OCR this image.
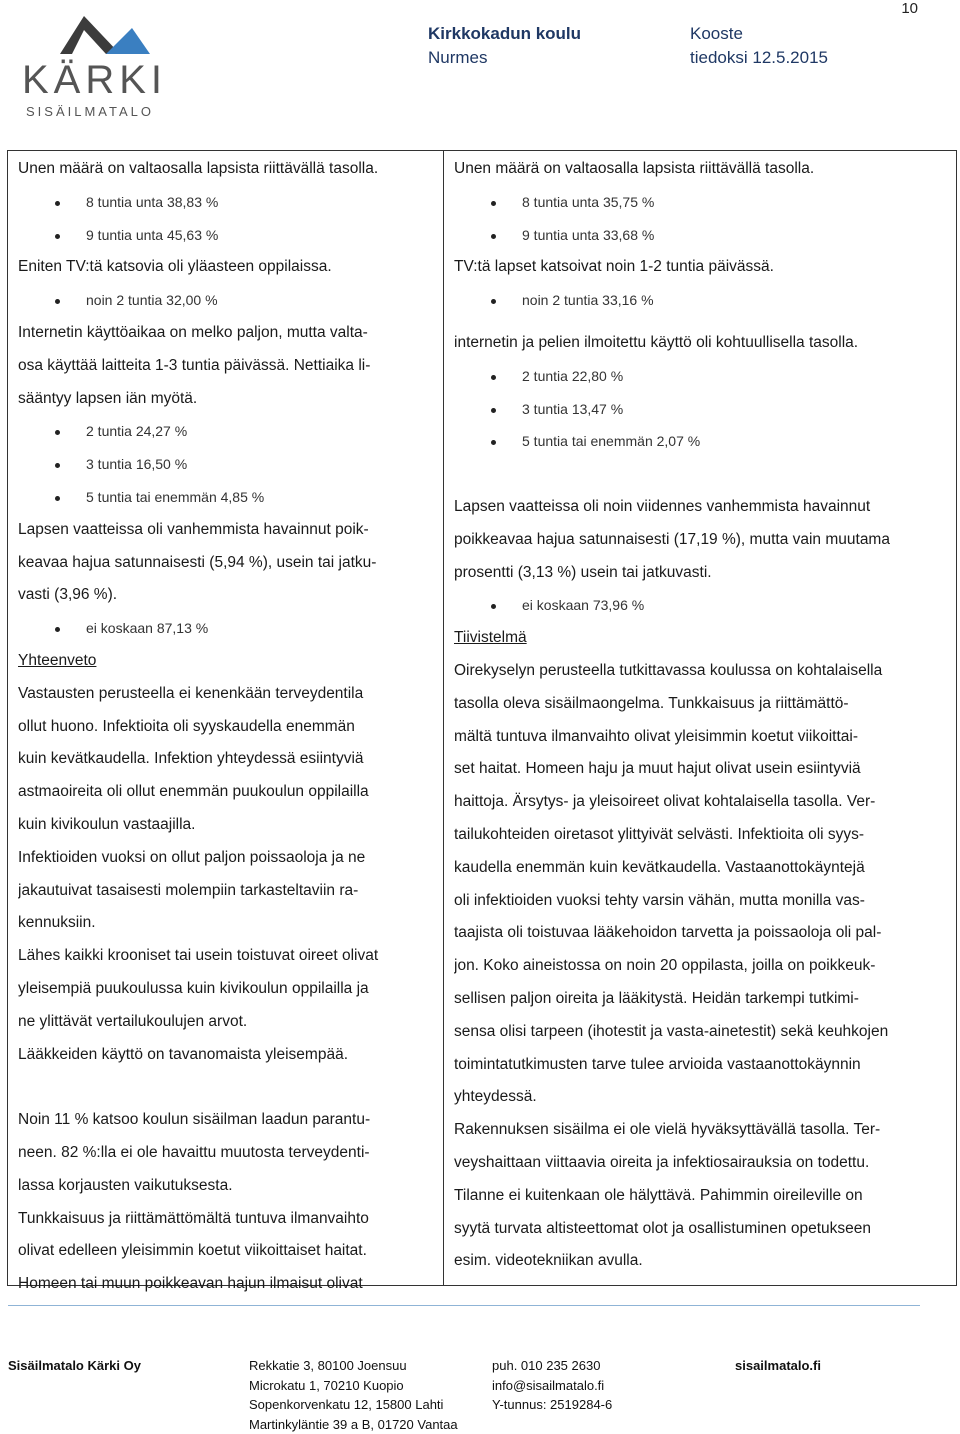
10
KÄRKI
SISÄILMATALO
Kirkkokadun koulu
Nurmes
Kooste
tiedoksi 12.5.2015
Unen määrä on valtaosalla lapsista riittävällä tasolla.
8 tuntia unta 38,83 %
9 tuntia unta 45,63 %
Eniten TV:tä katsovia oli yläasteen oppilaissa.
noin 2 tuntia 32,00 %
Internetin käyttöaikaa on melko paljon, mutta valta-
osa käyttää laitteita 1-3 tuntia päivässä. Nettiaika li-
sääntyy lapsen iän myötä.
2 tuntia 24,27 %
3 tuntia 16,50 %
5 tuntia tai enemmän 4,85 %
Lapsen vaatteissa oli vanhemmista havainnut poik-
keavaa hajua satunnaisesti (5,94 %), usein tai jatku-
vasti (3,96 %).
ei koskaan 87,13 %
Yhteenveto
Vastausten perusteella ei kenenkään terveydentila
ollut huono. Infektioita oli syyskaudella enemmän
kuin kevätkaudella. Infektion yhteydessä esiintyviä
astmaoireita oli ollut enemmän puukoulun oppilailla
kuin kivikoulun vastaajilla.
Infektioiden vuoksi on ollut paljon poissaoloja ja ne
jakautuivat tasaisesti molempiin tarkasteltaviin ra-
kennuksiin.
Lähes kaikki krooniset tai usein toistuvat oireet olivat
yleisempiä puukoulussa kuin kivikoulun oppilailla ja
ne ylittävät vertailukoulujen arvot.
Lääkkeiden käyttö on tavanomaista yleisempää.
Noin 11 % katsoo koulun sisäilman laadun parantu-
neen. 82 %:lla ei ole havaittu muutosta terveydenti-
lassa korjausten vaikutuksesta.
Tunkkaisuus ja riittämättömältä tuntuva ilmanvaihto
olivat edelleen yleisimmin koetut viikoittaiset haitat.
Homeen tai muun poikkeavan hajun ilmaisut olivat
Unen määrä on valtaosalla lapsista riittävällä tasolla.
8 tuntia unta 35,75 %
9 tuntia unta 33,68 %
TV:tä lapset katsoivat noin 1-2 tuntia päivässä.
noin 2 tuntia 33,16 %
internetin ja pelien ilmoitettu käyttö oli kohtuullisella tasolla.
2 tuntia 22,80 %
3 tuntia 13,47 %
5 tuntia tai enemmän 2,07 %
Lapsen vaatteissa oli noin viidennes vanhemmista havainnut
poikkeavaa hajua satunnaisesti (17,19 %), mutta vain muutama
prosentti (3,13 %) usein tai jatkuvasti.
ei koskaan 73,96 %
Tiivistelmä
Oirekyselyn perusteella tutkittavassa koulussa on kohtalaisella
tasolla oleva sisäilmaongelma. Tunkkaisuus ja riittämättö-
mältä tuntuva ilmanvaihto olivat yleisimmin koetut viikoittai-
set haitat. Homeen haju ja muut hajut olivat usein esiintyviä
haittoja. Ärsytys- ja yleisoireet olivat kohtalaisella tasolla. Ver-
tailukohteiden oiretasot ylittyivät selvästi. Infektioita oli syys-
kaudella enemmän kuin kevätkaudella. Vastaanottokäyntejä
oli infektioiden vuoksi tehty varsin vähän, mutta monilla vas-
taajista oli toistuvaa lääkehoidon tarvetta ja poissaoloja oli pal-
jon. Koko aineistossa on noin 20 oppilasta, joilla on poikkeuk-
sellisen paljon oireita ja lääkitystä. Heidän tarkempi tutkimi-
sensa olisi tarpeen (ihotestit ja vasta-ainetestit) sekä keuhkojen
toimintatutkimusten tarve tulee arvioida vastaanottokäynnin
yhteydessä.
Rakennuksen sisäilma ei ole vielä hyväksyttävällä tasolla. Ter-
veyshaittaan viittaavia oireita ja infektiosairauksia on todettu.
Tilanne ei kuitenkaan ole hälyttävä. Pahimmin oireileville on
syytä turvata altisteettomat olot ja osallistuminen opetukseen
esim. videotekniikan avulla.
Sisäilmatalo Kärki Oy	Rekkatie 3, 80100 Joensuu
Microkatu 1, 70210 Kuopio
Sopenkorvenkatu 12, 15800 Lahti
Martinkyläntie 39 a B, 01720 Vantaa
puh. 010 235 2630
info@sisailmatalo.fi
Y-tunnus: 2519284-6
sisailmatalo.fi
